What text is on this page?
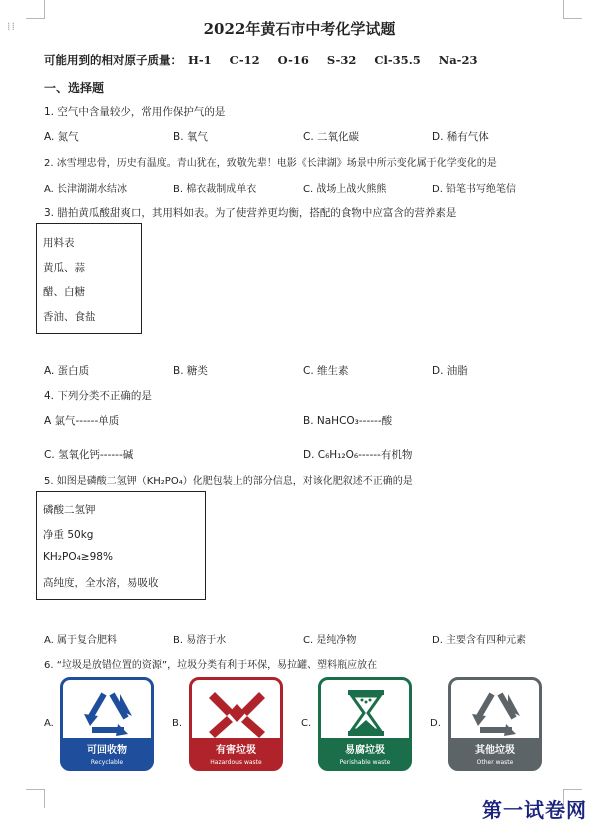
⁞⁞	2022年黄石市中考化学试题
可能用到的相对原子质量： H-1 C-12 O-16 S-32 Cl-35.5 Na-23
一、选择题
1. 空气中含量较少，常用作保护气的是
A. 氮气	B. 氧气	C. 二氧化碳	D. 稀有气体
2. 冰雪埋忠骨，历史有温度。青山犹在，致敬先辈！电影《长津湖》场景中所示变化属于化学变化的是
A. 长津湖湖水结冰	B. 棉衣裁制成单衣	C. 战场上战火熊熊	D. 铅笔书写绝笔信
3. 腊拍黄瓜酸甜爽口，其用料如表。为了使营养更均衡，搭配的食物中应富含的营养素是
用料表
黄瓜、蒜
醋、白糖
香油、食盐
A. 蛋白质	B. 糖类	C. 维生素	D. 油脂
4. 下列分类不正确的是
A 氯气------单质	B. NaHCO₃------酸
C. 氢氧化钙------碱	D. C₆H₁₂O₆------有机物
5. 如图是磷酸二氢钾（KH₂PO₄）化肥包装上的部分信息，对该化肥叙述不正确的是
磷酸二氢钾
净重 50kg
KH₂PO₄≥98%
高纯度，全水溶，易吸收
A. 属于复合肥料	B. 易溶于水	C. 是纯净物	D. 主要含有四种元素
6. “垃圾是放错位置的资源”，垃圾分类有利于环保，易拉罐、塑料瓶应放在
A.
可回收物
Recyclable
B.
有害垃圾
Hazardous waste
C.
易腐垃圾
Perishable waste
D.
其他垃圾
Other waste
第一试卷网
